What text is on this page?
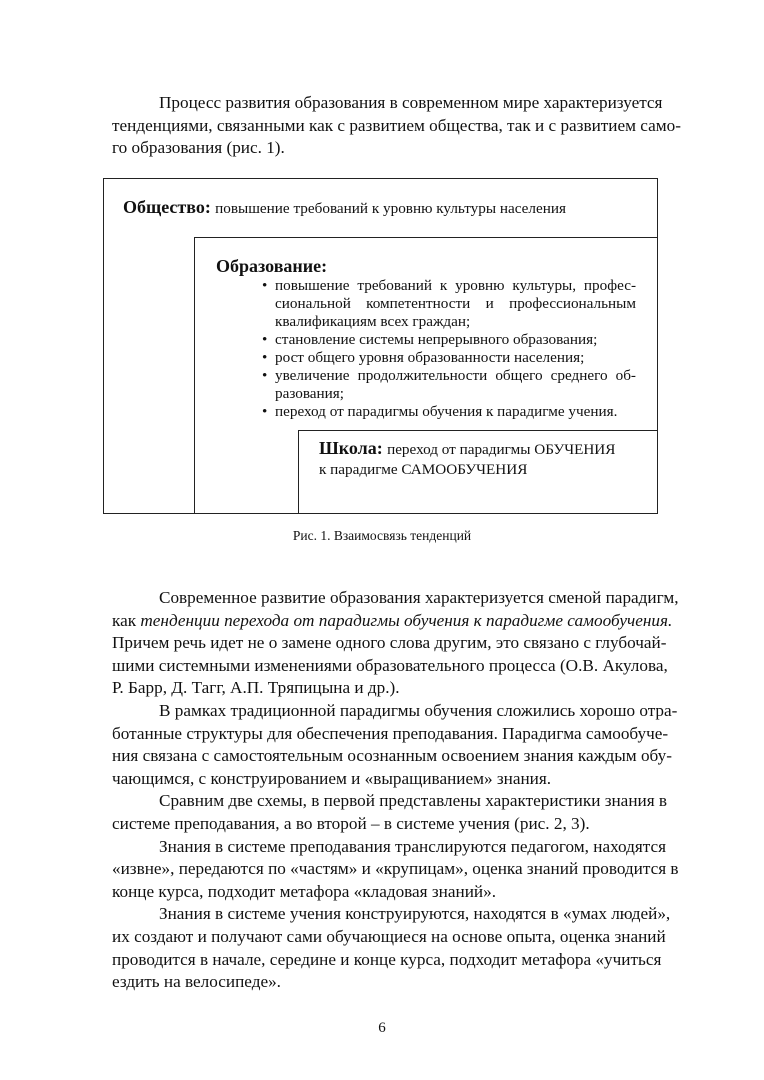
Процесс развития образования в современном мире характеризуется
тенденциями, связанными как с развитием общества, так и с развитием само-
го образования (рис. 1).
Общество: повышение требований к уровню культуры населения
Образование:
• повышение требований к уровню культуры, профес-сиональной компетентности и профессиональным квалификациям всех граждан;
• становление системы непрерывного образования;
• рост общего уровня образованности населения;
• увеличение продолжительности общего среднего об-разования;
• переход от парадигмы обучения к парадигме учения.
Школа: переход от парадигмы ОБУЧЕНИЯ
к парадигме САМООБУЧЕНИЯ
Рис. 1. Взаимосвязь тенденций
Современное развитие образования характеризуется сменой парадигм,
как тенденции перехода от парадигмы обучения к парадигме самообучения.
Причем речь идет не о замене одного слова другим, это связано с глубочай-
шими системными изменениями образовательного процесса (О.В. Акулова,
Р. Барр, Д. Тагг, А.П. Тряпицына и др.).
В рамках традиционной парадигмы обучения сложились хорошо отра-
ботанные структуры для обеспечения преподавания. Парадигма самообуче-
ния связана с самостоятельным осознанным освоением знания каждым обу-
чающимся, с конструированием и «выращиванием» знания.
Сравним две схемы, в первой представлены характеристики знания в
системе преподавания, а во второй – в системе учения (рис. 2, 3).
Знания в системе преподавания транслируются педагогом, находятся
«извне», передаются по «частям» и «крупицам», оценка знаний проводится в
конце курса, подходит метафора «кладовая знаний».
Знания в системе учения конструируются, находятся в «умах людей»,
их создают и получают сами обучающиеся на основе опыта, оценка знаний
проводится в начале, середине и конце курса, подходит метафора «учиться
ездить на велосипеде».
6
